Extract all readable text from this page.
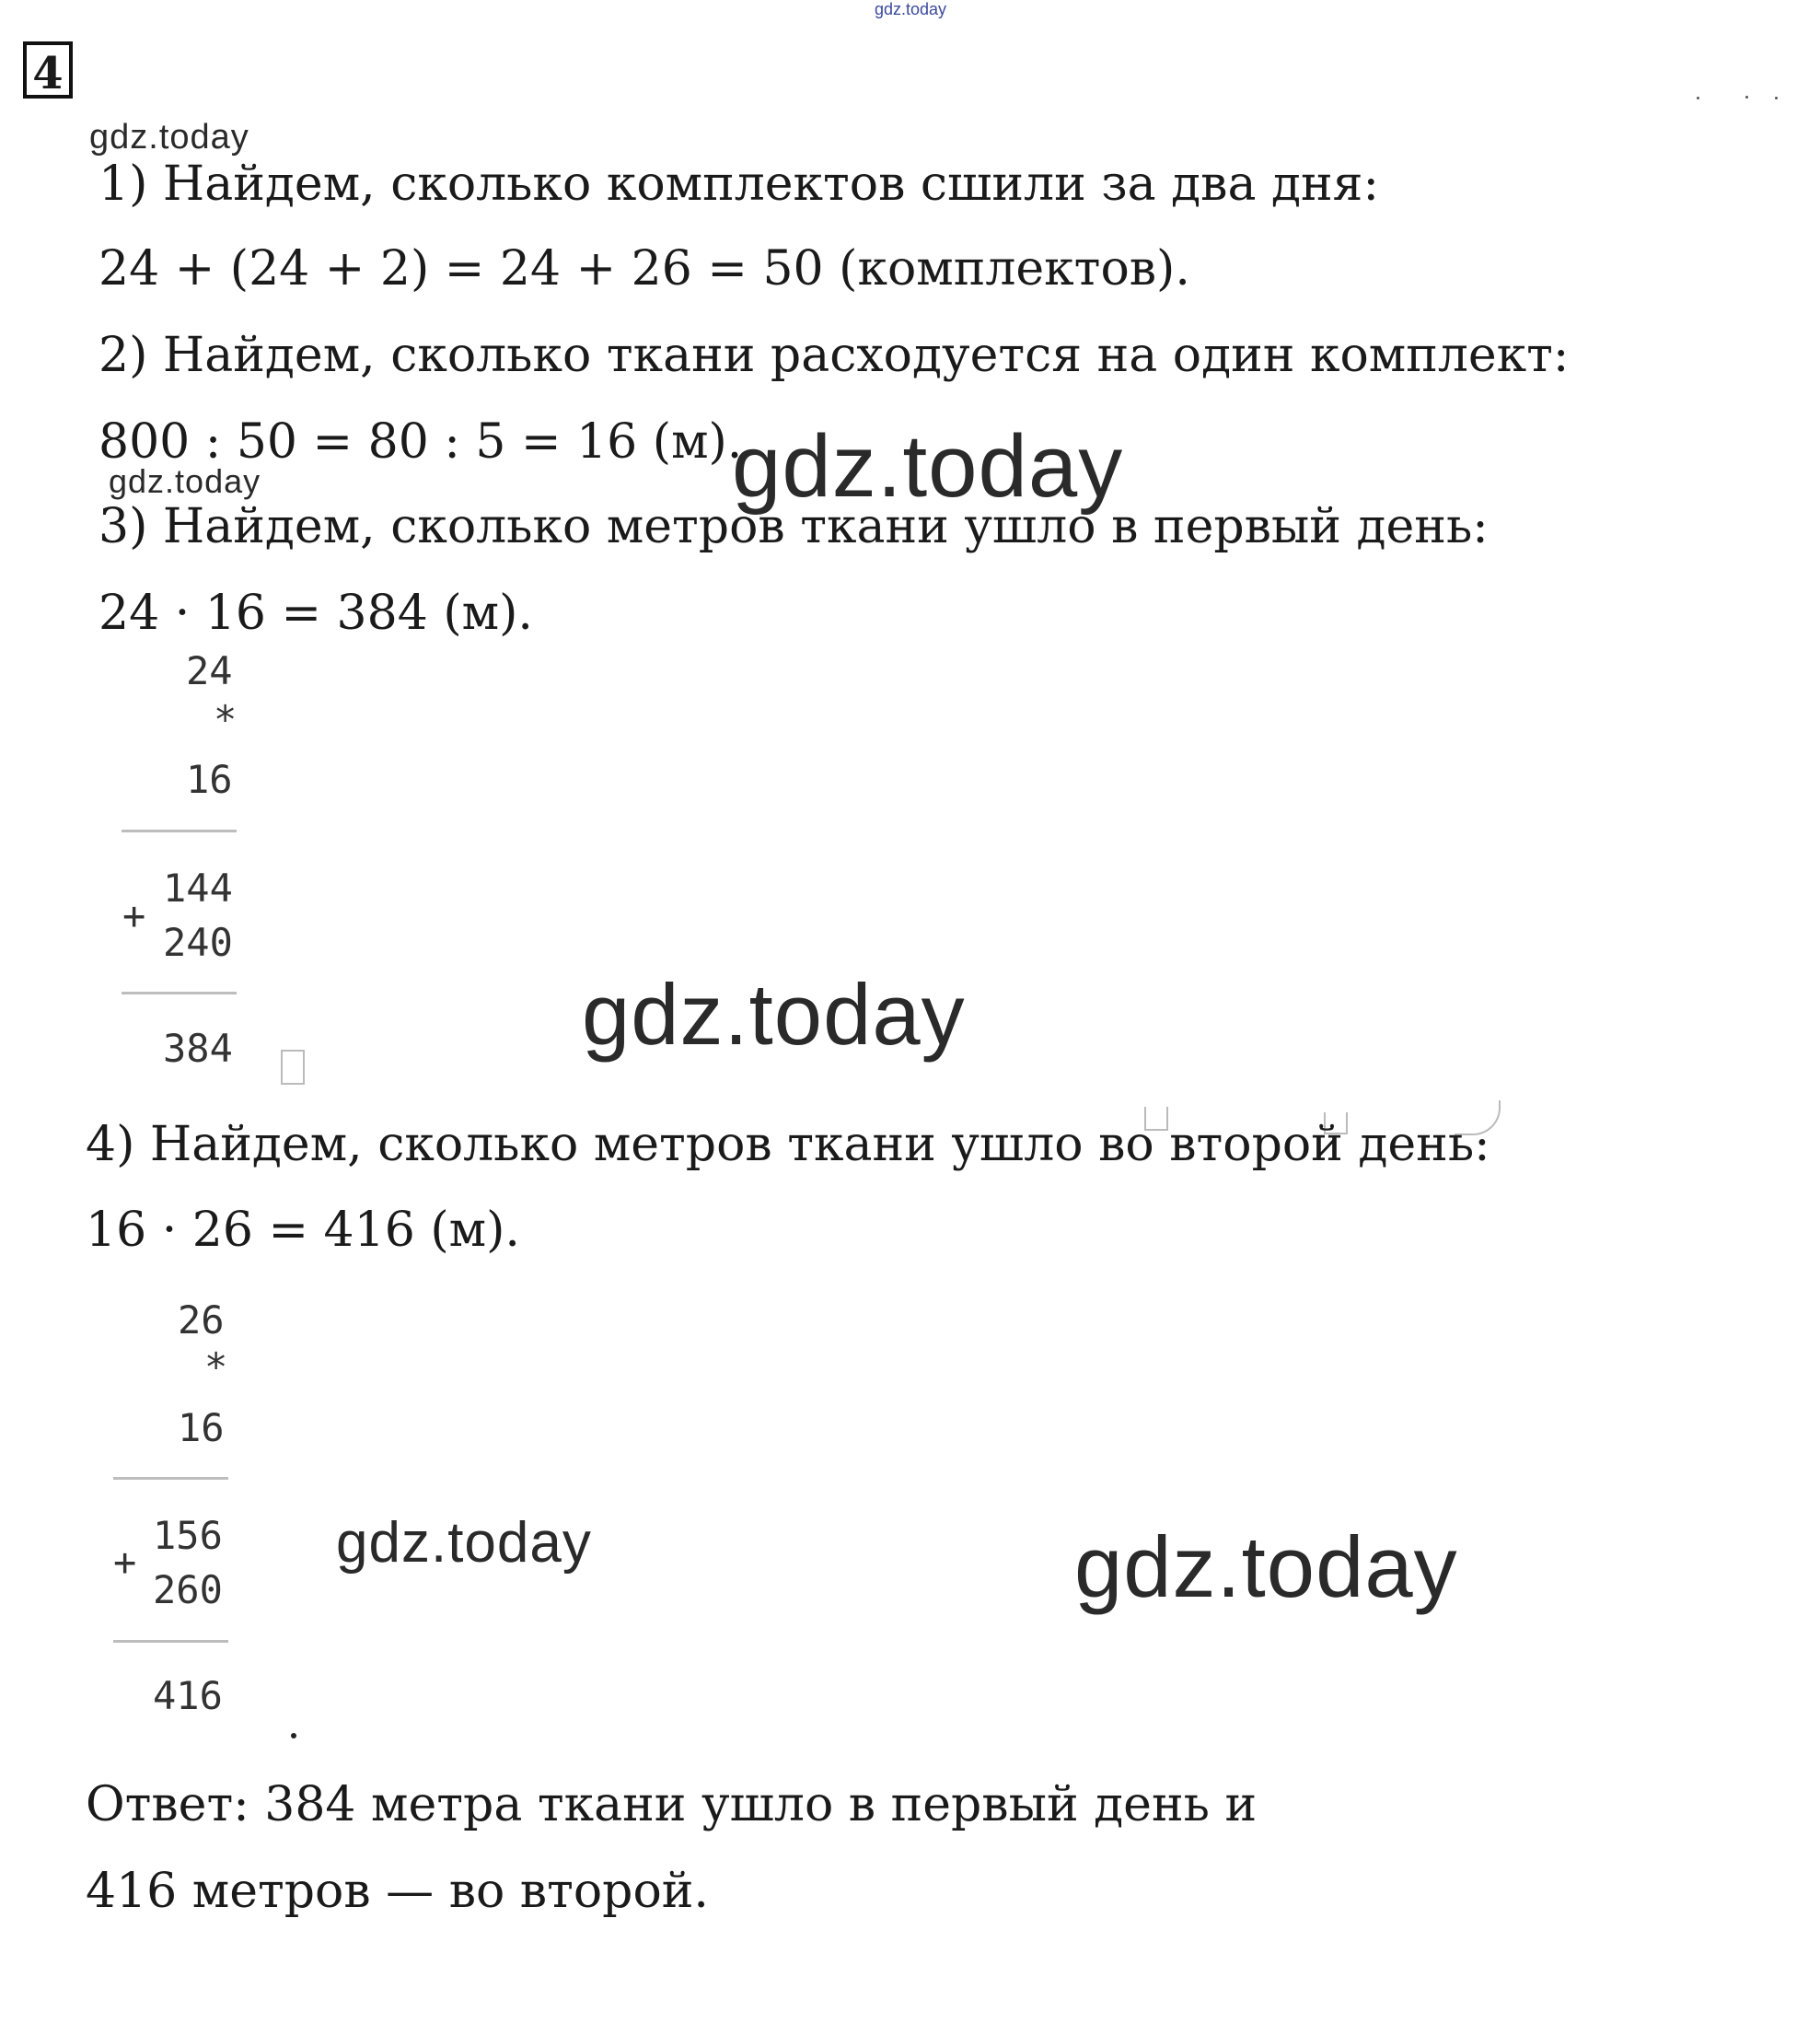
gdz.today
4
gdz.today
gdz.today	gdz.today
gdz.today
gdz.today	gdz.today
1) Найдем, сколько комплектов сшили за два дня:
24 + (24 + 2) = 24 + 26 = 50 (комплектов).
2) Найдем, сколько ткани расходуется на один комплект:
800 : 50 = 80 : 5 = 16 (м).
3) Найдем, сколько метров ткани ушло в первый день:
24 · 16 = 384 (м).
24
*
16
144
+
240
384
4) Найдем, сколько метров ткани ушло во второй день:
16 · 26 = 416 (м).
26
*
16
156
+
260
416
Ответ: 384 метра ткани ушло в первый день и
416 метров — во второй.
